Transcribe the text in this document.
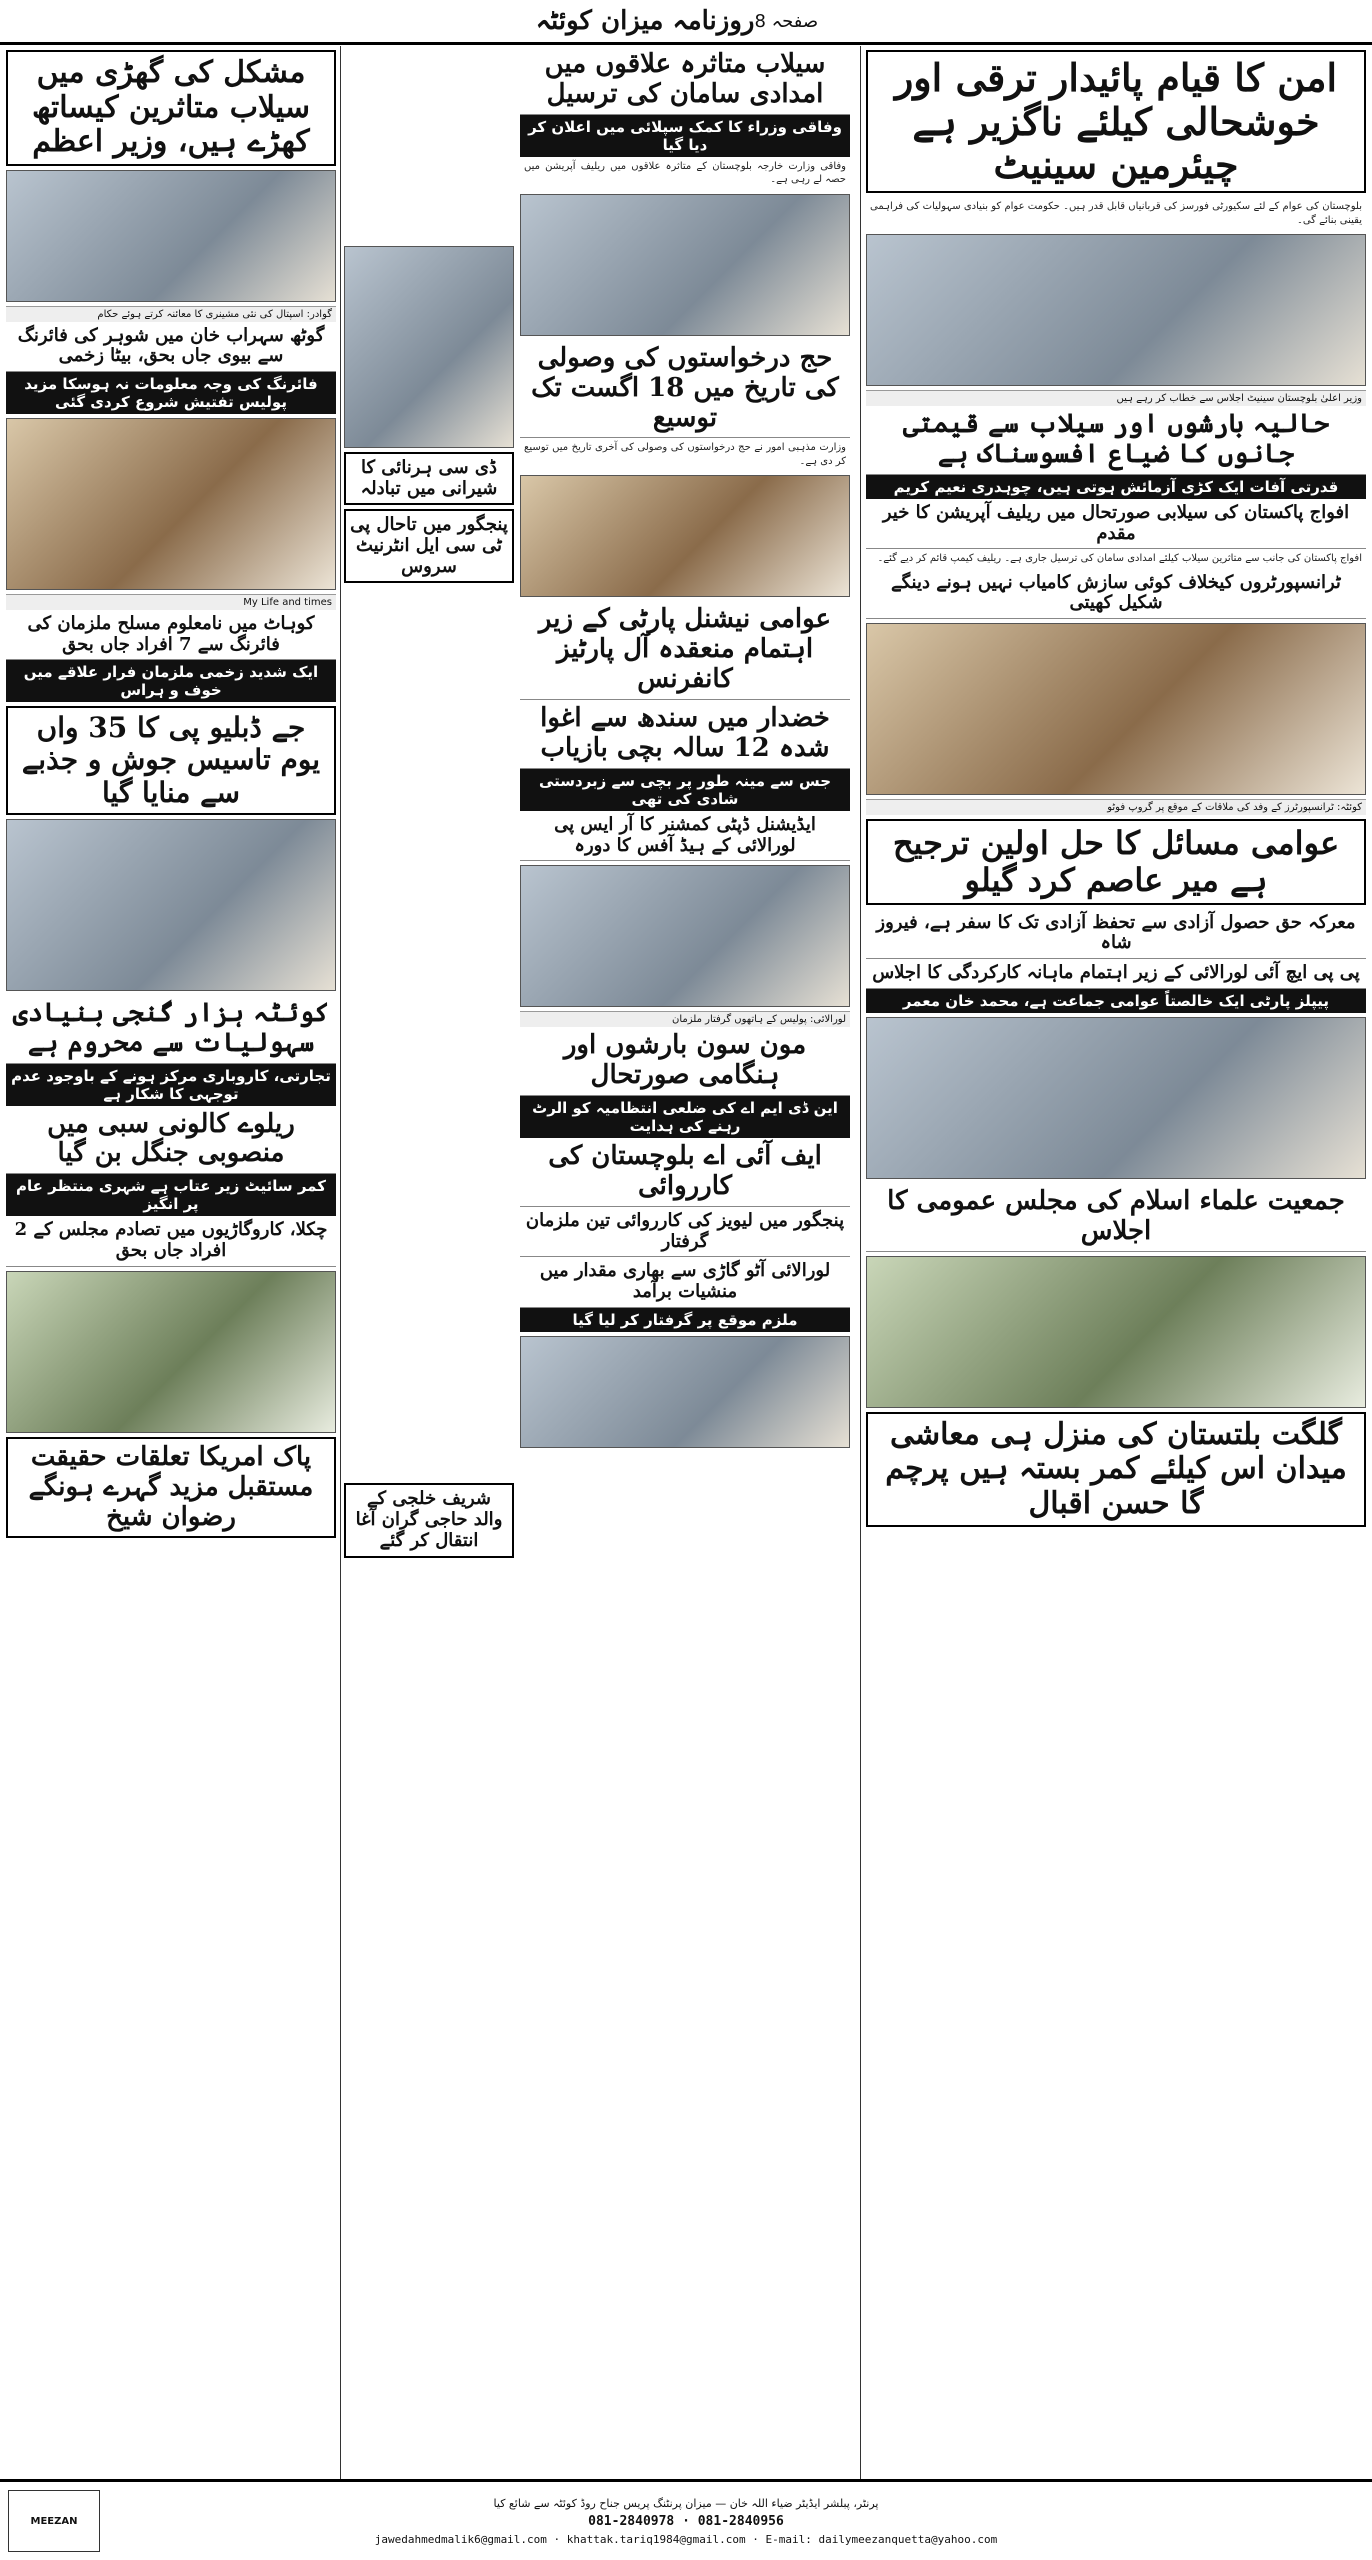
روزنامہ میزان کوئٹہ صفحہ 8
امن کا قیام پائیدار ترقی اور خوشحالی کیلئے ناگزیر ہے چیئرمین سینیٹ
بلوچستان کی عوام کے لئے سکیورٹی فورسز کی قربانیاں قابل قدر ہیں۔ حکومت عوام کو بنیادی سہولیات کی فراہمی یقینی بنائے گی۔
وزیر اعلیٰ بلوچستان سینیٹ اجلاس سے خطاب کر رہے ہیں
حالیہ بارشوں اور سیلاب سے قیمتی جانوں کا ضیاع افسوسناک ہے
قدرتی آفات ایک کڑی آزمائش ہوتی ہیں، چوہدری نعیم کریم
افواج پاکستان کی سیلابی صورتحال میں ریلیف آپریشن کا خیر مقدم
افواج پاکستان کی جانب سے متاثرین سیلاب کیلئے امدادی سامان کی ترسیل جاری ہے۔ ریلیف کیمپ قائم کر دیے گئے۔
ٹرانسپورٹروں کیخلاف کوئی سازش کامیاب نہیں ہونے دینگے شکیل کھیتی
کوئٹہ: ٹرانسپورٹرز کے وفد کی ملاقات کے موقع پر گروپ فوٹو
عوامی مسائل کا حل اولین ترجیح ہے میر عاصم کرد گیلو
معرکہ حق حصول آزادی سے تحفظ آزادی تک کا سفر ہے، فیروز شاہ
پی پی ایچ آئی لورالائی کے زیر اہتمام ماہانہ کارکردگی کا اجلاس
پیپلز پارٹی ایک خالصتاً عوامی جماعت ہے، محمد خان معمر
جمعیت علماء اسلام کی مجلس عمومی کا اجلاس
گلگت بلتستان کی منزل ہی معاشی میدان اس کیلئے کمر بستہ ہیں پرچم گا حسن اقبال
سیلاب متاثرہ علاقوں میں امدادی سامان کی ترسیل
وفاقی وزراء کا کمک سپلائی میں اعلان کر دیا گیا
وفاقی وزارت خارجہ بلوچستان کے متاثرہ علاقوں میں ریلیف آپریشن میں حصہ لے رہی ہے۔
حج درخواستوں کی وصولی کی تاریخ میں 18 اگست تک توسیع
وزارت مذہبی امور نے حج درخواستوں کی وصولی کی آخری تاریخ میں توسیع کر دی ہے۔
عوامی نیشنل پارٹی کے زیر اہتمام منعقدہ آل پارٹیز کانفرنس
خضدار میں سندھ سے اغوا شدہ 12 سالہ بچی بازیاب
جس سے مینہ طور پر بچی سے زبردستی شادی کی تھی
ایڈیشنل ڈپٹی کمشنر کا آر ایس پی لورالائی کے ہیڈ آفس کا دورہ
لورالائی: پولیس کے ہاتھوں گرفتار ملزمان
مون سون بارشوں اور ہنگامی صورتحال
این ڈی ایم اے کی ضلعی انتظامیہ کو الرٹ رہنے کی ہدایت
ایف آئی اے بلوچستان کی کارروائی
پنجگور میں لیویز کی کارروائی تین ملزمان گرفتار
لورالائی آٹو گاڑی سے بھاری مقدار میں منشیات برآمد
ملزم موقع پر گرفتار کر لیا گیا
ڈی سی ہرنائی کا شیرانی میں تبادلہ
پنجگور میں تاحال پی ٹی سی ایل انٹرنیٹ سروس
شریف خلجی کے والد حاجی گران آغا انتقال کر گئے
مشکل کی گھڑی میں سیلاب متاثرین کیساتھ کھڑے ہیں، وزیر اعظم
گوادر: اسپتال کی نئی مشینری کا معائنہ کرتے ہوئے حکام
گوٹھ سہراب خان میں شوہر کی فائرنگ سے بیوی جاں بحق، بیٹا زخمی
فائرنگ کی وجہ معلومات نہ ہوسکا مزید پولیس تفتیش شروع کردی گئی
My Life and times
کوہاٹ میں نامعلوم مسلح ملزمان کی فائرنگ سے 7 افراد جاں بحق
ایک شدید زخمی ملزمان فرار علاقے میں خوف و ہراس
جے ڈبلیو پی کا 35 واں یوم تاسیس جوش و جذبے سے منایا گیا
کوئٹہ ہزار گنجی بنیادی سہولیات سے محروم ہے
تجارتی، کاروباری مرکز ہونے کے باوجود عدم توجہی کا شکار ہے
ریلوے کالونی سبی میں منصوبی جنگل بن گیا
کمر سائیٹ زیر عتاب ہے شہری منتظر عام پر انگیز
چکلا، کاروگاڑیوں میں تصادم مجلس کے 2 افراد جاں بحق
پاک امریکا تعلقات حقیقت مستقبل مزید گہرے ہونگے رضوان شیخ
پرنٹر، پبلشر ایڈیٹر ضیاء اللہ خان — میزان پرنٹنگ پریس جناح روڈ کوئٹہ سے شائع کیا
081-2840978 · 081-2840956
jawedahmedmalik6@gmail.com · khattak.tariq1984@gmail.com · E-mail: dailymeezanquetta@yahoo.com
MEEZAN
